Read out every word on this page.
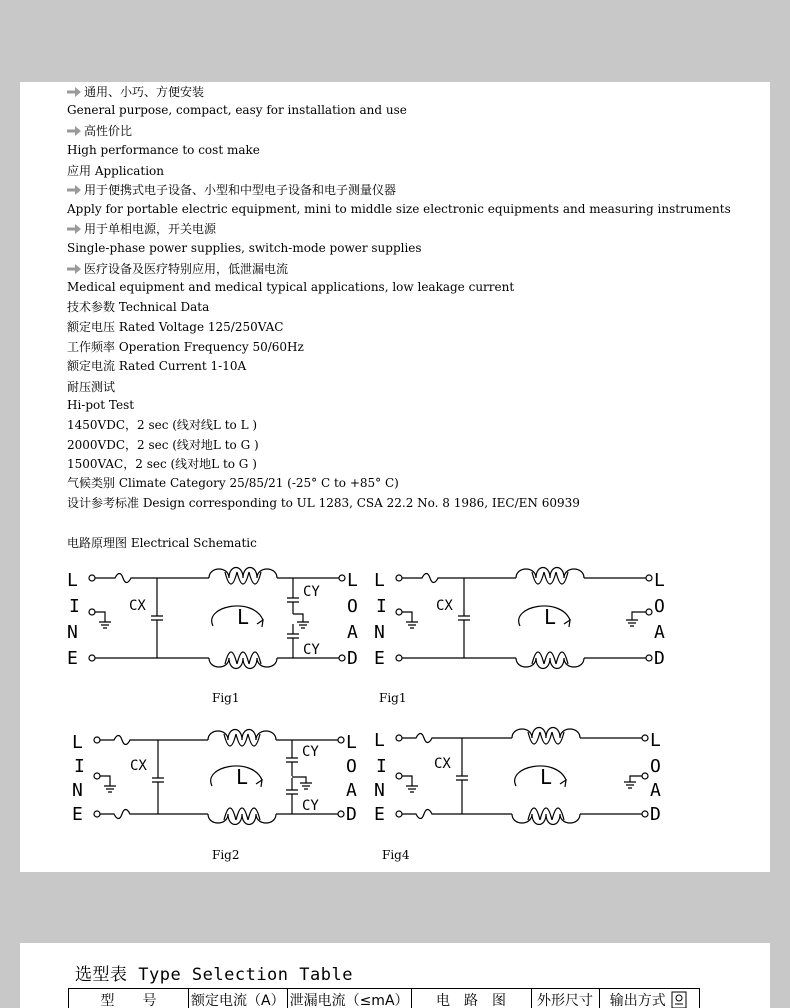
通用、小巧、方便安装
General purpose, compact, easy for installation and use
高性价比
High performance to cost make
应用 Application
用于便携式电子设备、小型和中型电子设备和电子测量仪器
Apply for portable electric equipment, mini to middle size electronic equipments and measuring instruments
用于单相电源，开关电源
Single-phase power supplies, switch-mode power supplies
医疗设备及医疗特别应用，低泄漏电流
Medical equipment and medical typical applications, low leakage current
技术参数 Technical Data
额定电压 Rated Voltage 125/250VAC
工作频率 Operation Frequency 50/60Hz
额定电流 Rated Current 1-10A
耐压测试
Hi-pot Test
1450VDC，2 sec (线对线L to L )
2000VDC，2 sec (线对地L to G )
1500VAC，2 sec (线对地L to G )
气候类别 Climate Category 25/85/21 (-25° C to +85° C)
设计参考标准 Design corresponding to UL 1283, CSA 22.2 No. 8 1986, IEC/EN 60939
电路原理图 Electrical Schematic
L
I
N
E
CX	L
CY
CY
L
O
A
D
L
I
N
E
CX	L
L
O
A
D
Fig1	Fig1
L
I
N
E
CX	L
CY
CY
L
O
A
D
L
I
N
E
CX
L
L
O
A
D
Fig2	Fig4
选型表 Type Selection Table
型　　号	额定电流（A）	泄漏电流（≤mA）	电　路　图	外形尺寸	输出方式
